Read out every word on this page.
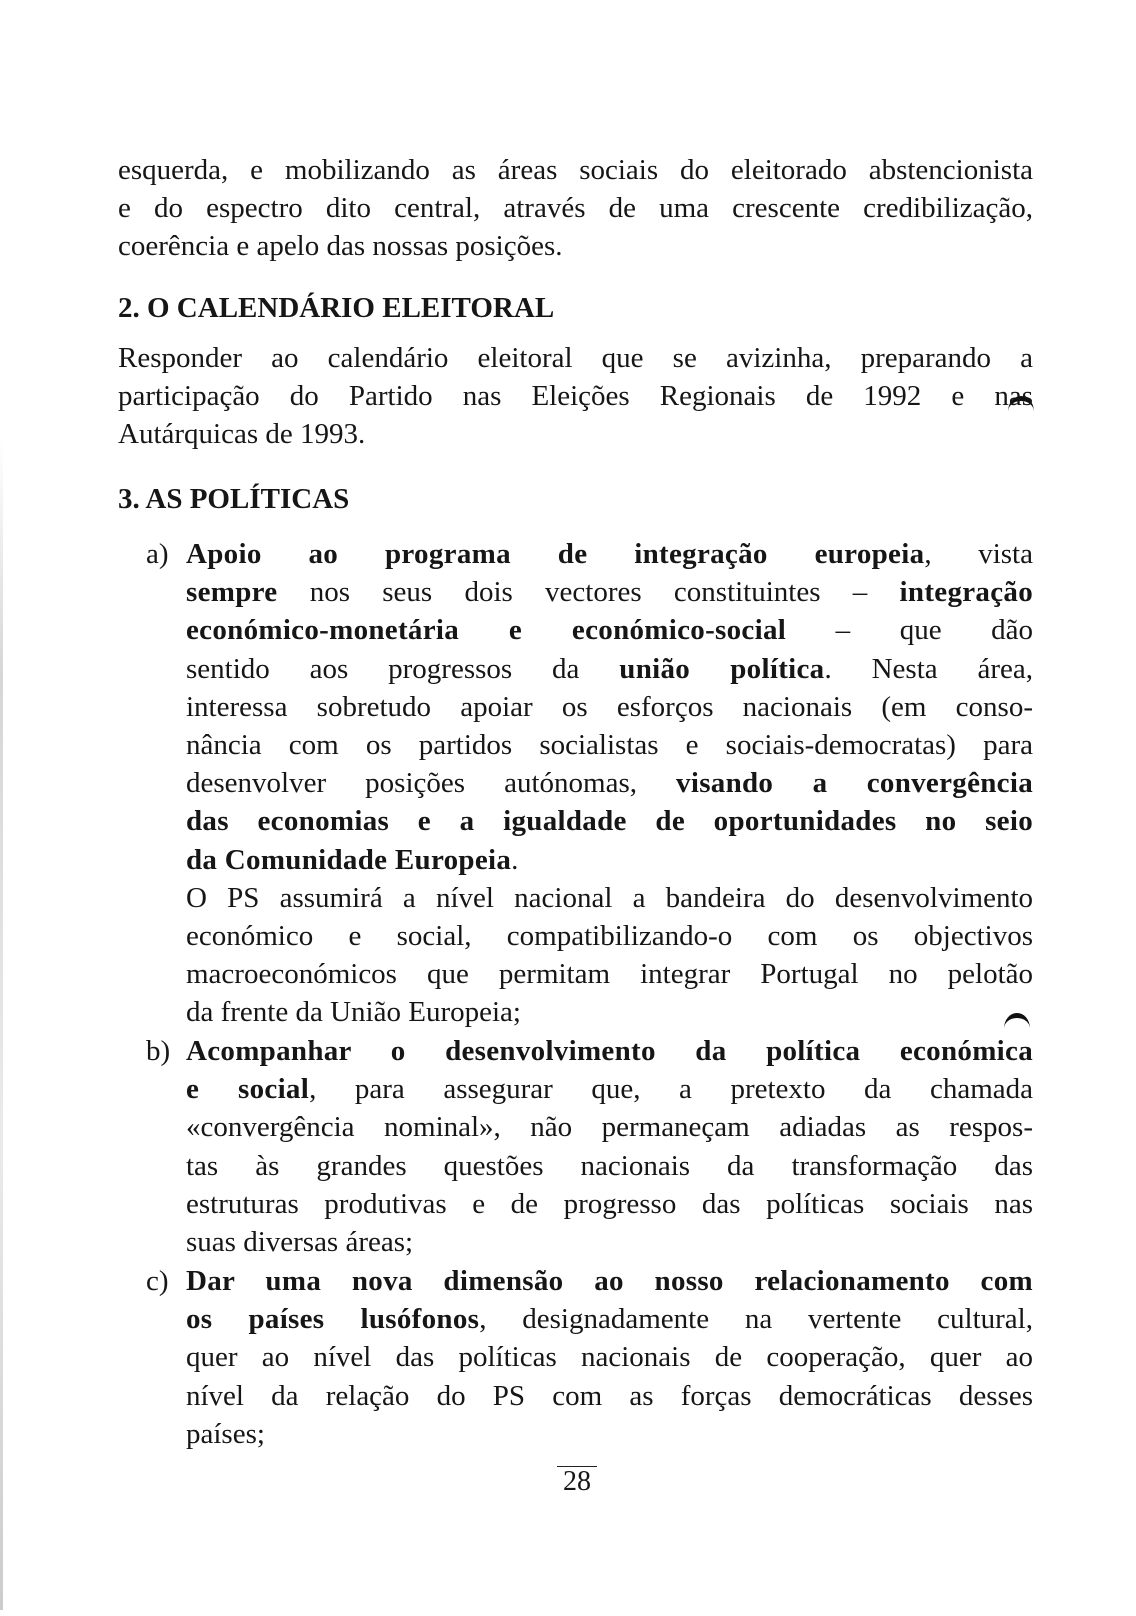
esquerda, e mobilizando as áreas sociais do eleitorado abstencionista
e do espectro dito central, através de uma crescente credibilização,
coerência e apelo das nossas posições.
2. O CALENDÁRIO ELEITORAL
Responder ao calendário eleitoral que se avizinha, preparando a
participação do Partido nas Eleições Regionais de 1992 e nas
Autárquicas de 1993.
3. AS POLÍTICAS
a) Apoio ao programa de integração europeia, vista
sempre nos seus dois vectores constituintes – integração
económico-monetária e económico-social – que dão
sentido aos progressos da união política. Nesta área,
interessa sobretudo apoiar os esforços nacionais (em conso-
nância com os partidos socialistas e sociais-democratas) para
desenvolver posições autónomas, visando a convergência
das economias e a igualdade de oportunidades no seio
da Comunidade Europeia.
O PS assumirá a nível nacional a bandeira do desenvolvimento
económico e social, compatibilizando-o com os objectivos
macroeconómicos que permitam integrar Portugal no pelotão
da frente da União Europeia;
b) Acompanhar o desenvolvimento da política económica
e social, para assegurar que, a pretexto da chamada
«convergência nominal», não permaneçam adiadas as respos-
tas às grandes questões nacionais da transformação das
estruturas produtivas e de progresso das políticas sociais nas
suas diversas áreas;
c) Dar uma nova dimensão ao nosso relacionamento com
os países lusófonos, designadamente na vertente cultural,
quer ao nível das políticas nacionais de cooperação, quer ao
nível da relação do PS com as forças democráticas desses
países;
28
